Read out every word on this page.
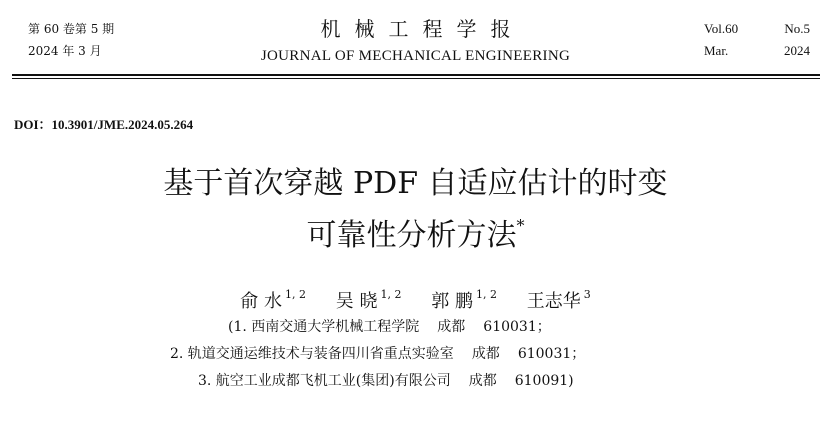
第 60 卷第 5 期
2024 年 3 月
机械工程学报
JOURNAL OF MECHANICAL ENGINEERING
Vol.60	No.5
Mar.	2024
DOI：10.3901/JME.2024.05.264
基于首次穿越 PDF 自适应估计的时变
可靠性分析方法*
俞 水 $^{1, 2}$ 吴 晓 $^{1, 2}$ 郭 鹏 $^{1, 2}$ 王志华 $^3$
(1. 西南交通大学机械工程学院 成都 610031；
2. 轨道交通运维技术与装备四川省重点实验室 成都 610031；
3. 航空工业成都飞机工业(集团)有限公司 成都 610091)
